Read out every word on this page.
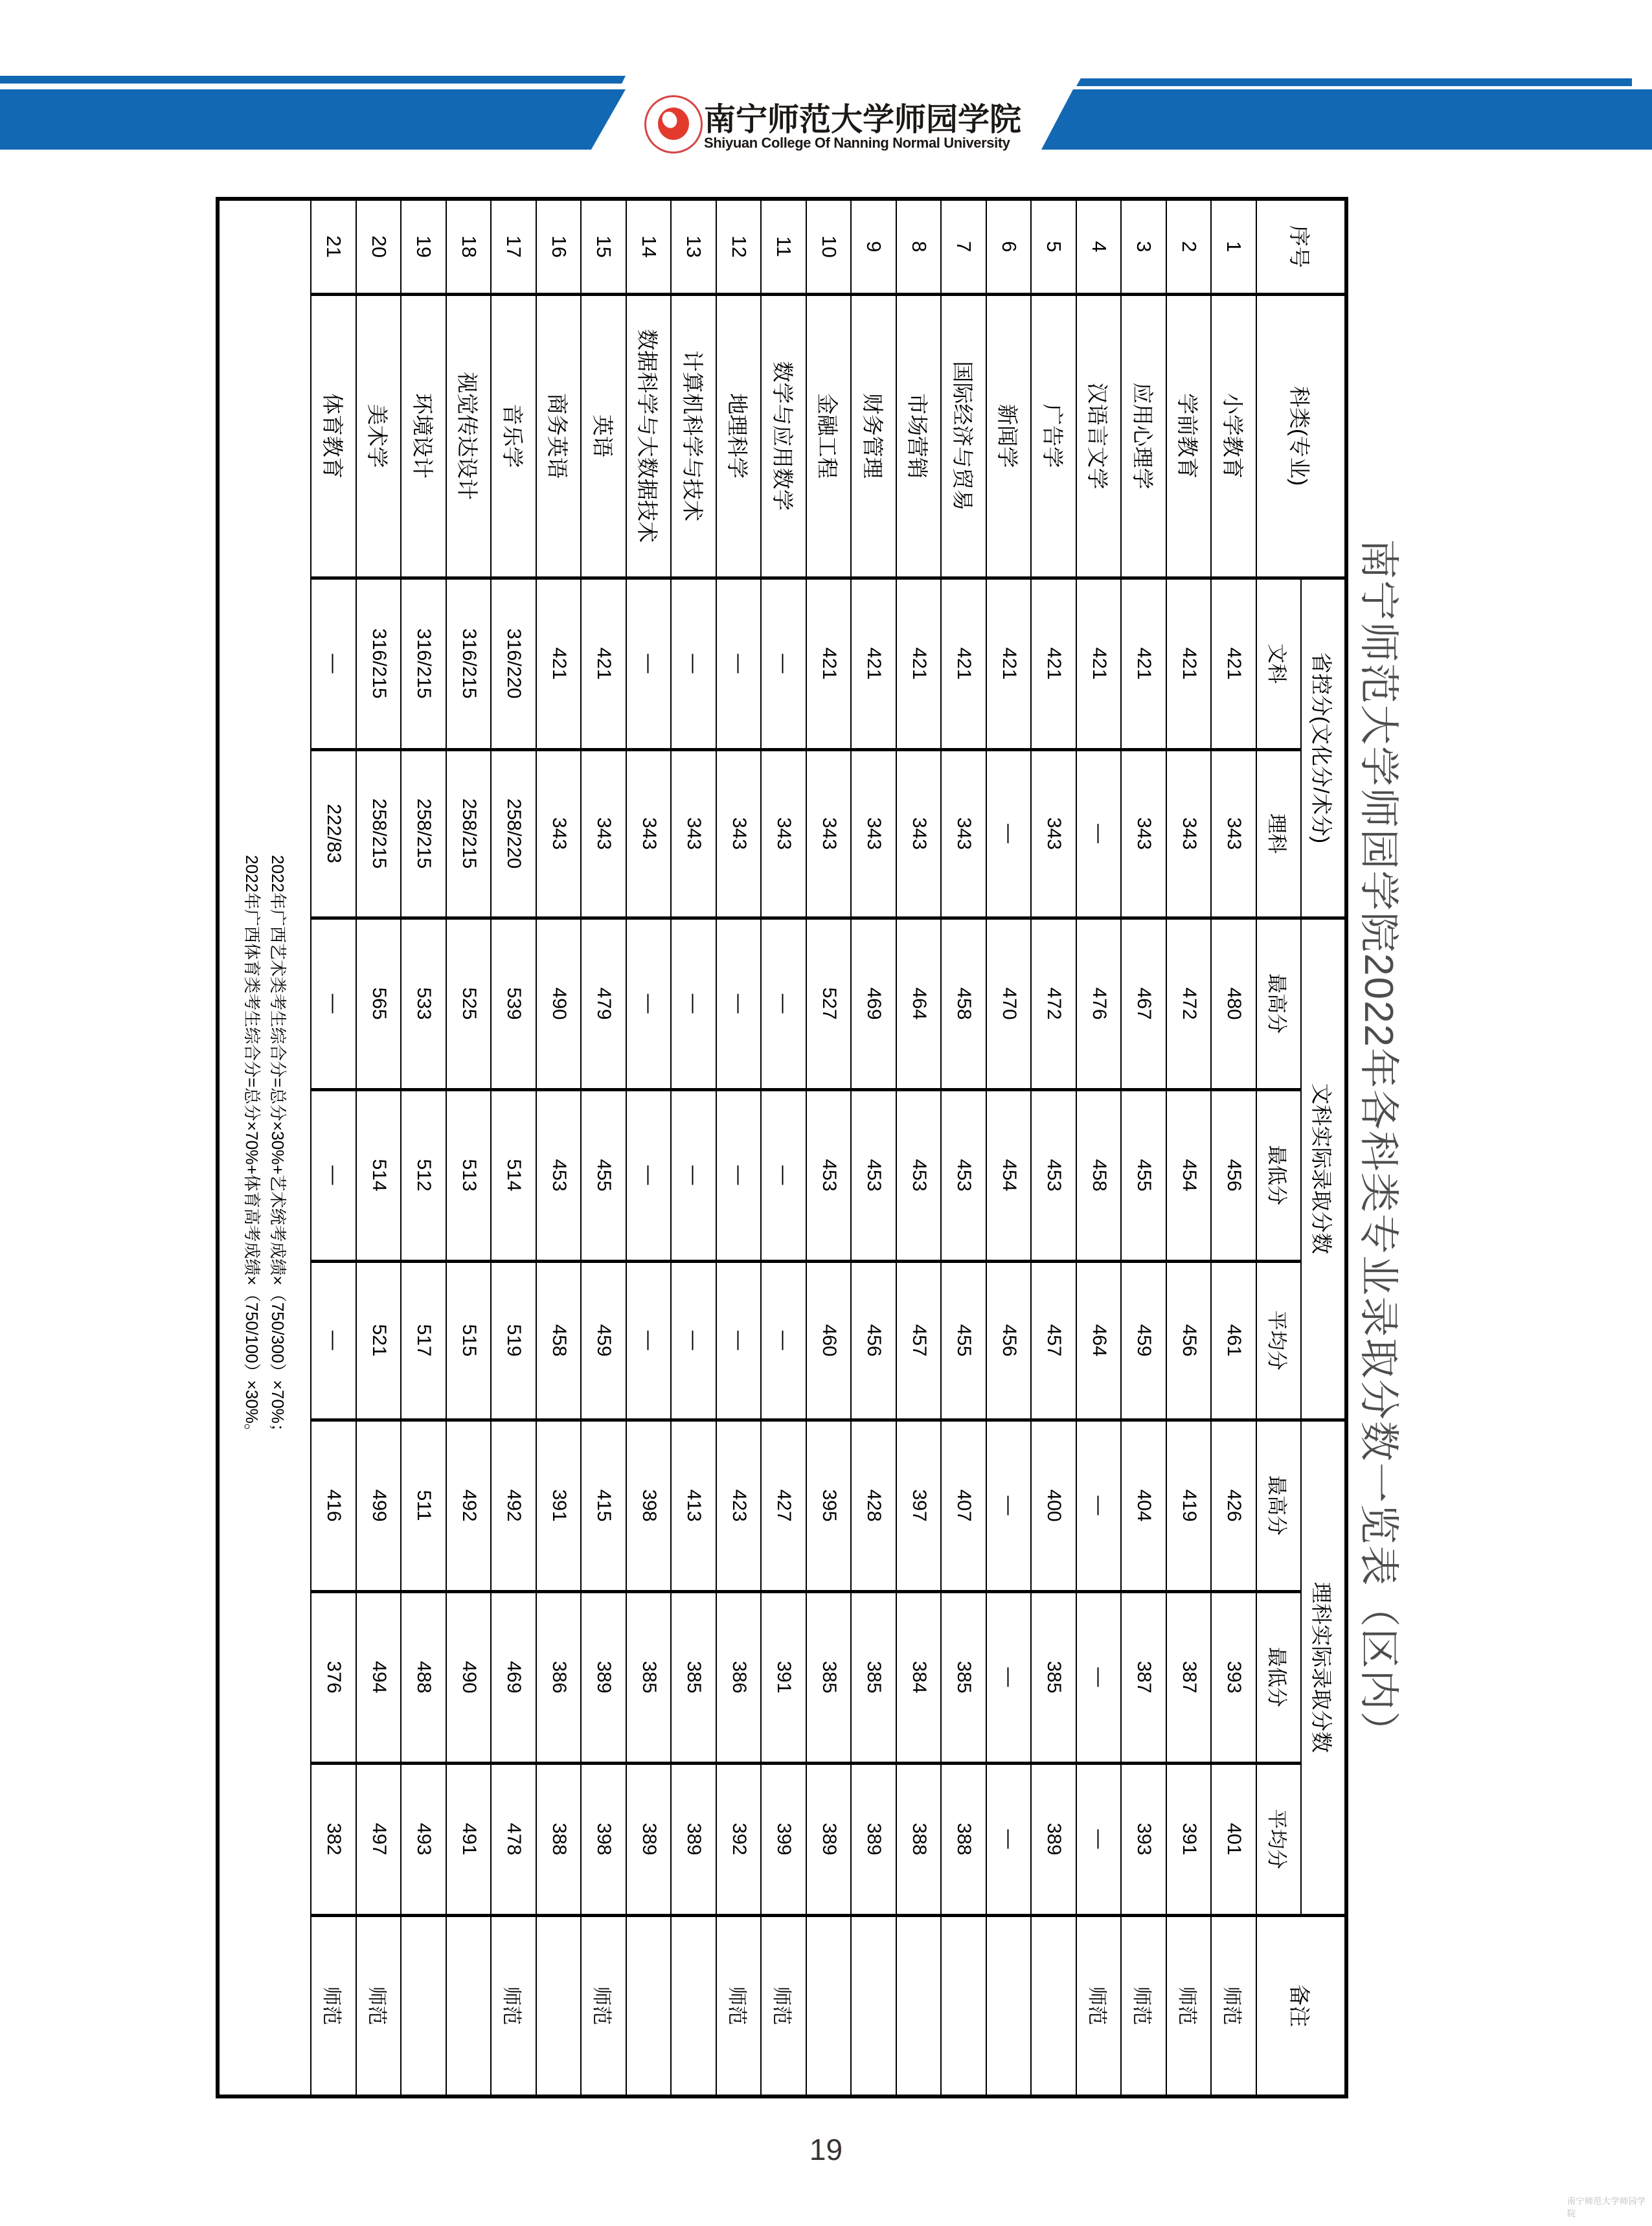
南宁师范大学师园学院
Shiyuan College Of Nanning Normal University
南宁师范大学师园学院2022年各科类专业录取分数一览表（区内）
序号	科类(专业)	省控分(文化分/术分)		文科实际录取分数			理科实际录取分数			备注
		文科	理科	最高分	最低分	平均分	最高分	最低分	平均分	
1	小学教育	421	343	480	456	461	426	393	401	师范
2	学前教育	421	343	472	454	456	419	387	391	师范
3	应用心理学	421	343	467	455	459	404	387	393	师范
4	汉语言文学	421	—	476	458	464	—	—	—	师范
5	广告学	421	343	472	453	457	400	385	389	
6	新闻学	421	—	470	454	456	—	—	—	
7	国际经济与贸易	421	343	458	453	455	407	385	388	
8	市场营销	421	343	464	453	457	397	384	388	
9	财务管理	421	343	469	453	456	428	385	389	
10	金融工程	421	343	527	453	460	395	385	389	
11	数学与应用数学	—	343	—	—	—	427	391	399	师范
12	地理科学	—	343	—	—	—	423	386	392	师范
13	计算机科学与技术	—	343	—	—	—	413	385	389	
14	数据科学与大数据技术	—	343	—	—	—	398	385	389	
15	英语	421	343	479	455	459	415	389	398	师范
16	商务英语	421	343	490	453	458	391	386	388	
17	音乐学	316/220	258/220	539	514	519	492	469	478	师范
18	视觉传达设计	316/215	258/215	525	513	515	492	490	491	
19	环境设计	316/215	258/215	533	512	517	511	488	493	
20	美术学	316/215	258/215	565	514	521	499	494	497	师范
21	体育教育	—	222/83	—	—	—	416	376	382	师范

2022年广西艺术类考生综合分=总分×30%+艺术统考成绩×（750/300）×70%；
2022年广西体育类考生综合分=总分×70%+体育高考成绩×（750/100）×30%。										
19
南宁师范大学师园学院
